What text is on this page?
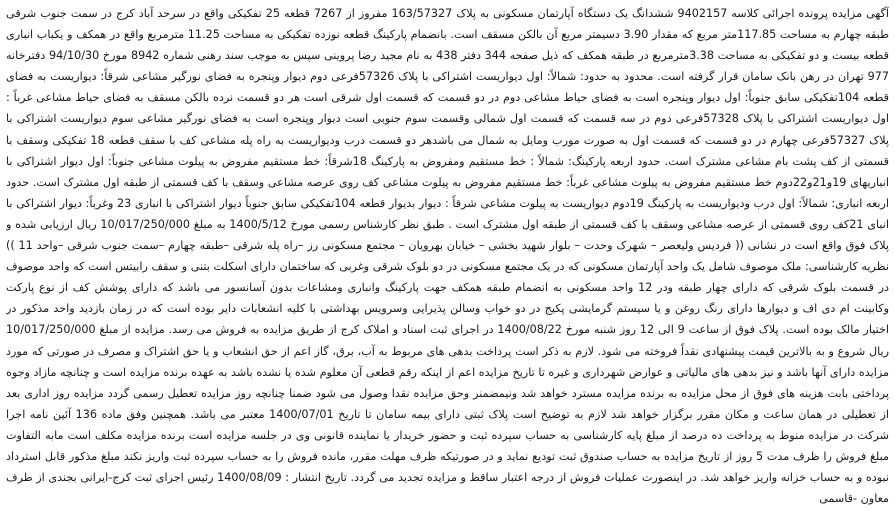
آگهی مزایده پرونده اجرائی کلاسه 9402157 ششدانگ یک دستگاه آپارتمان مسکونی به پلاک 163/57327 مفروز از 7267 قطعه 25 تفکیکی واقع در سرحد آباد کرج در سمت جنوب شرقی طبقه چهارم به مساحت 117.85متر مربع که مقدار 3.90 دسیمتر مربع آن بالکن مسقف است. بانضمام پارکینگ قطعه نوزده تفکیکی به مساحت 11.25 مترمربع واقع در همکف و یکباب انباری قطعه بیست و دو تفکیکی به مساحت 3.38مترمربع در طبقه همکف که ذیل صفحه 344 دفتر 438 به نام مجید رضا پروینی سپس به موجب سند رهنی شماره 8942 مورخ 94/10/30 دفترخانه 977 تهران در رهن بانک سامان قرار گرفته است. محدود به حدود: شمالاً: اول دیواریست اشتراکی با پلاک 57326فرعی دوم دیوار وپنجره به فضای نورگیر مشاعی شرقاً: دیواریست به فضای قطعه 104تفکیکی سابق جنوباً: اول دیوار وپنجره است به فضای حیاط مشاعی دوم در دو قسمت که قسمت اول شرقی است هر دو قسمت نرده بالکن مسقف به فضای حیاط مشاعی غرباً : اول دیواریست اشتراکی با پلاک 57328فرعی دوم در سه قسمت که قسمت اول شمالی وقسمت سوم جنوبی است دیوار وپنجره است به فضای نورگیر مشاعی سوم دیواریست اشتراکی با پلاک 57327فرعی چهارم در دو قسمت که قسمت اول به صورت مورب ومایل به شمال می باشدهر دو قسمت درب ودیواریست به راه پله مشاعی کف با سقف قطعه 18 تفکیکی وسقف با قسمتی از کف پشت بام مشاعی مشترک است. حدود اربعه پارکینگ: شمالاً : خط مستقیم ومفروض به پارکینگ 18شرقاً: خط مستقیم مفروض به پیلوت مشاعی جنوباً: اول دیوار اشتراکی با انباریهای 19و21و22دوم خط مستقیم مفروض به پیلوت مشاعی غرباً: خط مستقیم مفروض به پیلوت مشاعی کف روی عرصه مشاعی وسقف با کف قسمتی از طبقه اول مشترک است. حدود اربعه انباری: شمالاً: اول درب ودیواریست به پارکینگ 19دوم دیواریست به پیلوت مشاعی شرقاً : دیوار بدیوار قطعه 104تفکیکی سابق جنوباً دیوار اشتراکی با انباری 23 وغرباً: دیوار اشتراکی با انبای 21کف روی قسمتی از عرصه مشاعی وسقف با کف قسمتی از طبقه اول مشترک است . طبق نظر کارشناس رسمی مورخ 1400/5/12 به مبلغ 10/017/250/000 ریال ارزیابی شده و پلاک فوق واقع است در نشانی (( فردیس ولیعصر – شهرک وحدت – بلوار شهید بخشی – خیابان بهرویان – مجتمع مسکونی رز –راه پله شرقی –طبقه چهارم –سمت جنوب شرقی –واحد 11 )) نظریه کارشناسی: ملک موصوف شامل یک واحد آپارتمان مسکونی که در یک مجتمع مسکونی در دو بلوک شرقی وغربی که ساختمان دارای اسکلت بتنی و سقف رابیتس است که واحد موصوف در قسمت بلوک شرقی که دارای چهار طبقه ودر 12 واحد مسکونی به انضمام طبقه همکف جهت پارکینگ وانباری ومشاعات بدون آسانسور می باشد که دارای پوشش کف از نوع پارکت وکابینت ام دی اف و دیوارها دارای رنگ روغن و یا سیستم گرمایشی پکیج در دو خواب وسالن پذیرایی وسرویس بهداشتی با کلیه انشعابات دایر بوده است که در زمان بازدید واحد مذکور در اختیار مالک بوده است. پلاک فوق از ساعت 9 الی 12 روز شنبه مورخ 1400/08/22 در اجرای ثبت اسناد و املاک کرج از طریق مزایده به فروش می رسد. مزایده از مبلغ 10/017/250/000 ریال شروع و به بالاترین قیمت پیشنهادی نقداً فروخته می شود. لازم به ذکر است پرداخت بدهی های مربوط به آب، برق، گاز اعم از حق انشعاب و یا حق اشتراک و مصرف در صورتی که مورد مزایده دارای آنها باشد و نیز بدهی های مالیاتی و عوارض شهرداری و غیره تا تاریخ مزایده اعم از اینکه رقم قطعی آن معلوم شده یا نشده باشد به عهده برنده مزایده است و چنانچه مازاد وجوه پرداختی بابت هزینه های فوق از محل مزایده به برنده مزایده مسترد خواهد شد ونیمضمنر وحق مزایده نقدا وصول می شود ضمنا چنانچه روز مزایده تعطیل رسمی گردد مزایده روز اداری بعد از تعطیلی در همان ساعت و مکان مقرر برگزار خواهد شد لازم به توضیح است پلاک ثبتی دارای بیمه سامان تا تاریخ 1400/07/01 معتبر می باشد. همچنین وفق ماده 136 آئین نامه اجرا شرکت در مزایده منوط به پرداخت ده درصد از مبلغ پایه کارشناسی به حساب سپرده ثبت و حضور خریدار یا نماینده قانونی وی در جلسه مزایده است برنده مزایده مکلف است مابه التفاوت مبلغ فروش را ظرف مدت 5 روز از تاریخ مزایده به حساب صندوق ثبت تودیع نماید و در صورتیکه ظرف مهلت مقرر، مانده فروش را به حساب سپرده ثبت واریز نکند مبلغ مذکور قابل استرداد نبوده و به حساب خزانه واریز خواهد شد. در اینصورت عملیات فروش از درجه اعتبار ساقط و مزایده تجدید می گردد. تاریخ انتشار : 1400/08/09 رئیس اجرای ثبت کرج-ایرانی بجندی از طرف معاون -قاسمی
